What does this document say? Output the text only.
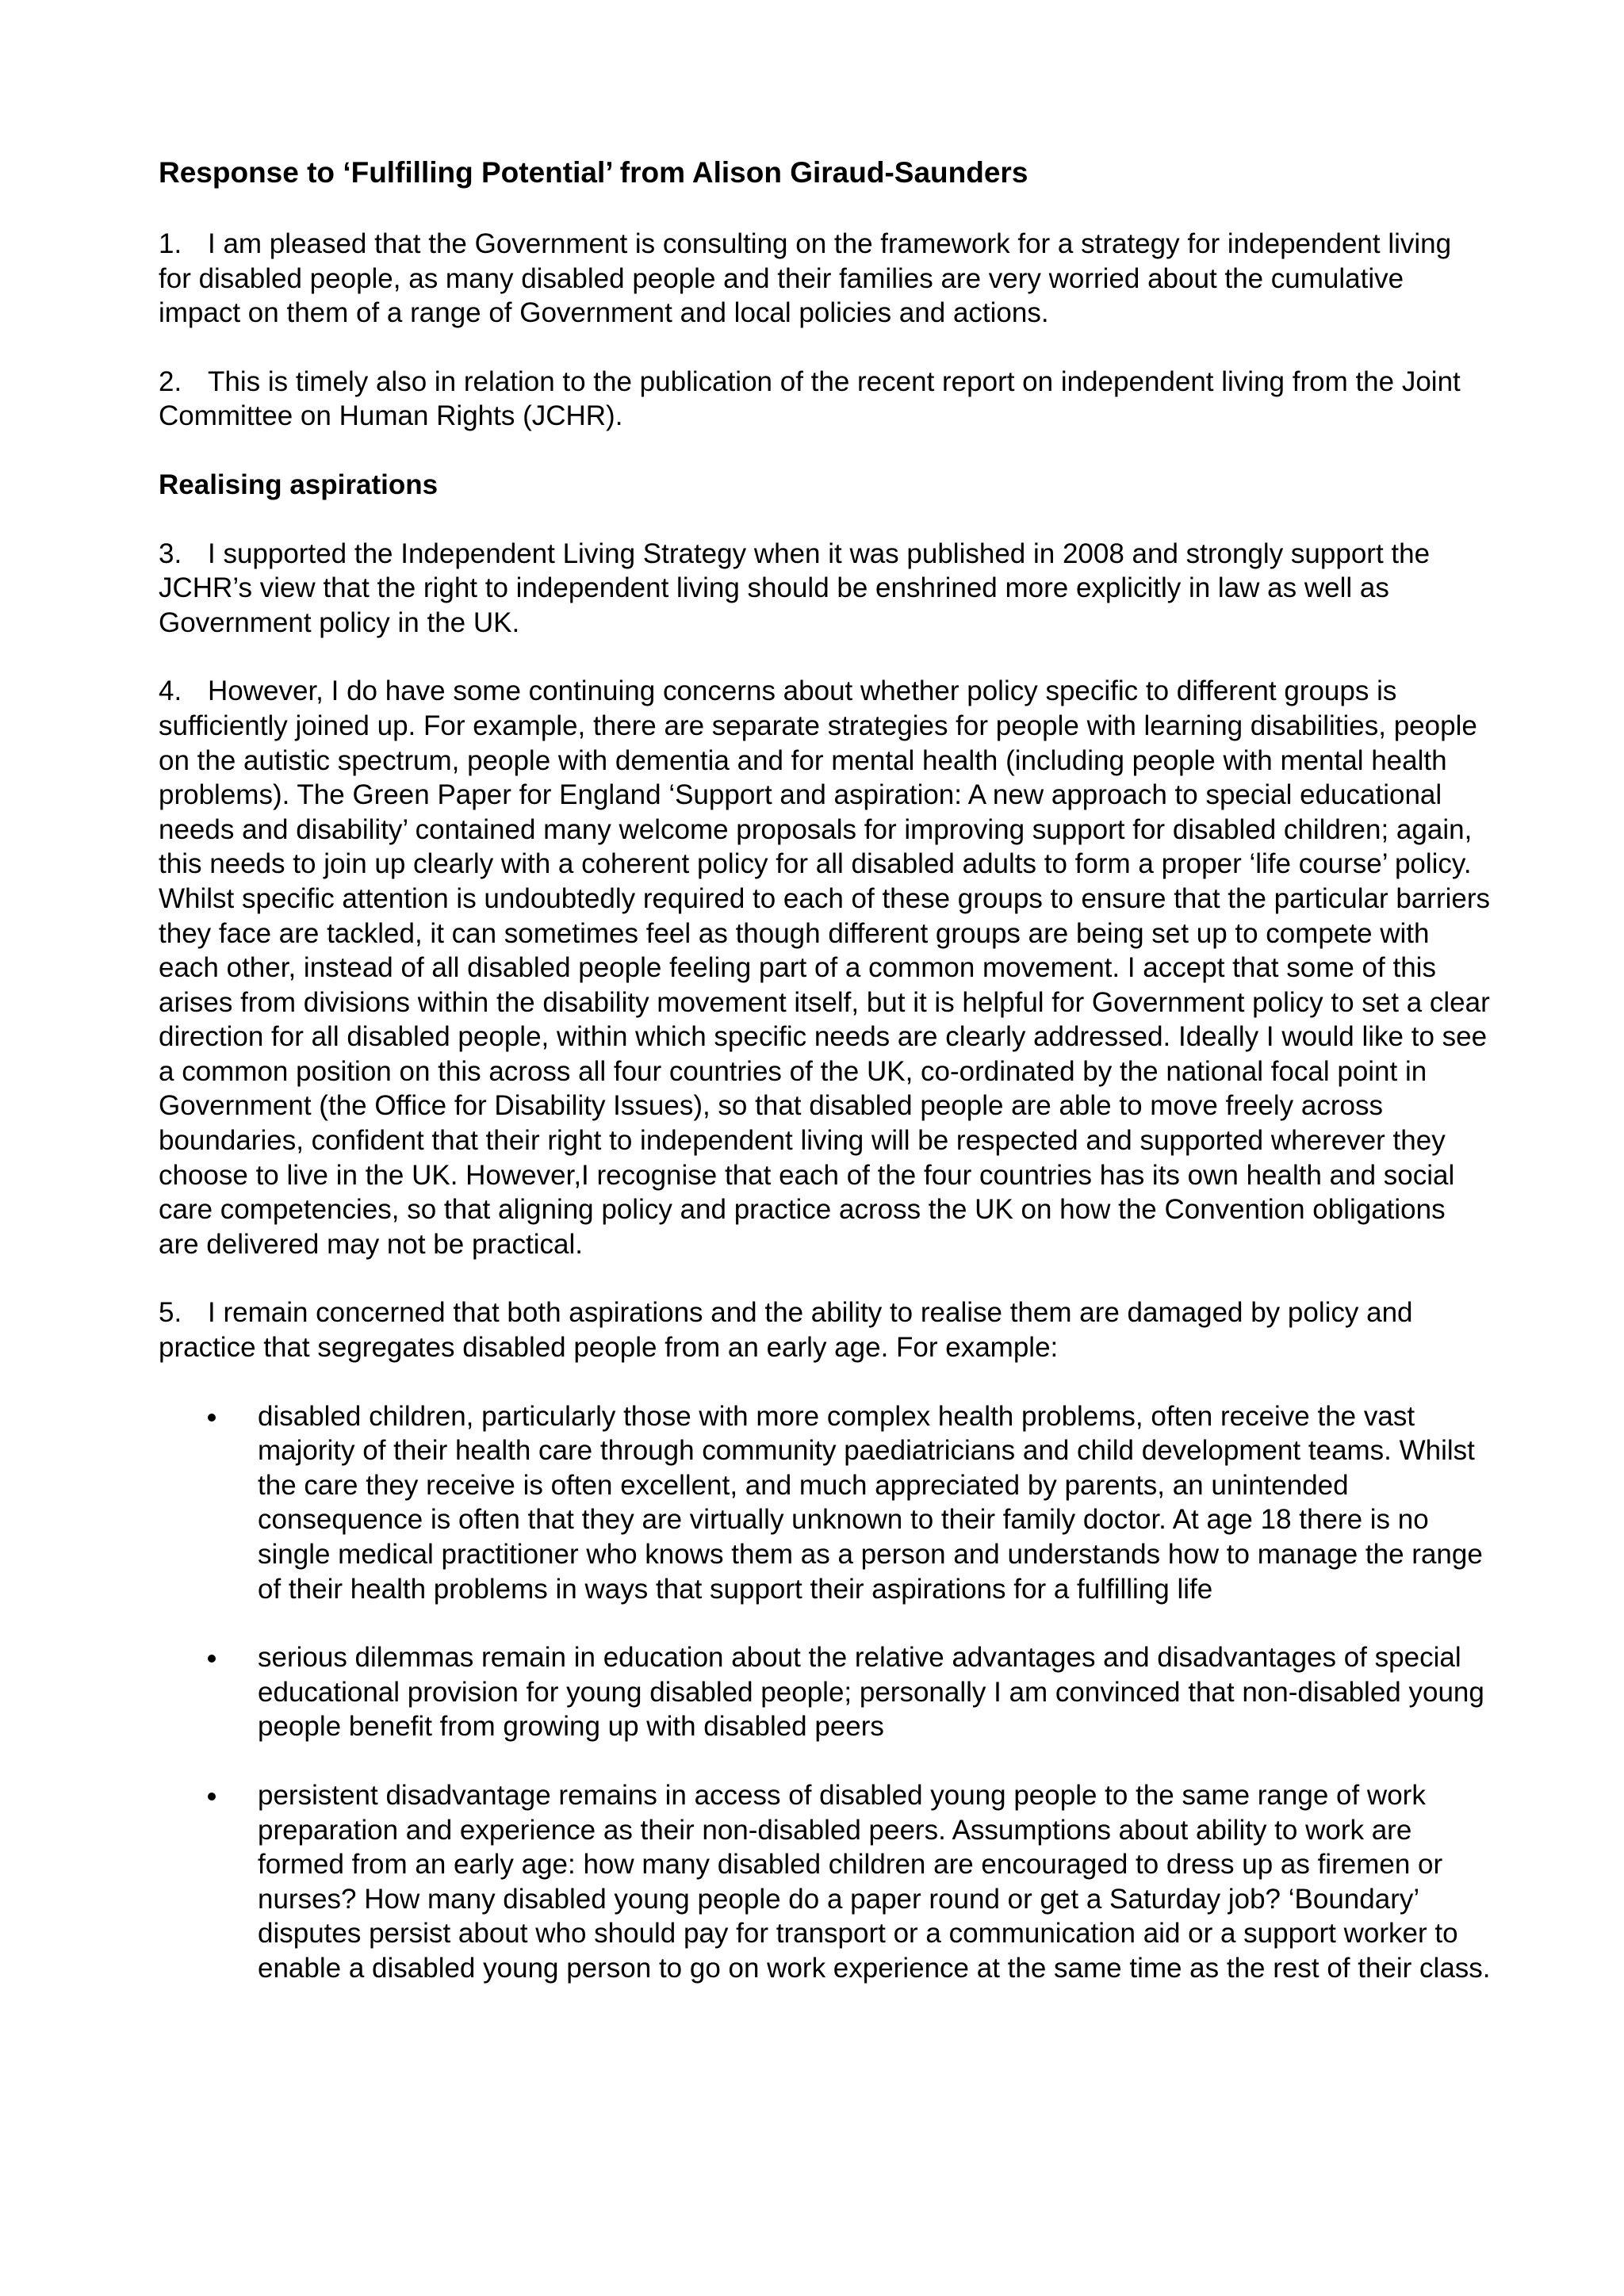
Response to ‘Fulfilling Potential’ from Alison Giraud-Saunders
1. I am pleased that the Government is consulting on the framework for a strategy for independent living for disabled people, as many disabled people and their families are very worried about the cumulative impact on them of a range of Government and local policies and actions.
2. This is timely also in relation to the publication of the recent report on independent living from the Joint Committee on Human Rights (JCHR).
Realising aspirations
3. I supported the Independent Living Strategy when it was published in 2008 and strongly support the JCHR’s view that the right to independent living should be enshrined more explicitly in law as well as Government policy in the UK.
4. However, I do have some continuing concerns about whether policy specific to different groups is sufficiently joined up. For example, there are separate strategies for people with learning disabilities, people on the autistic spectrum, people with dementia and for mental health (including people with mental health problems). The Green Paper for England ‘Support and aspiration: A new approach to special educational needs and disability’ contained many welcome proposals for improving support for disabled children; again, this needs to join up clearly with a coherent policy for all disabled adults to form a proper ‘life course’ policy. Whilst specific attention is undoubtedly required to each of these groups to ensure that the particular barriers they face are tackled, it can sometimes feel as though different groups are being set up to compete with each other, instead of all disabled people feeling part of a common movement. I accept that some of this arises from divisions within the disability movement itself, but it is helpful for Government policy to set a clear direction for all disabled people, within which specific needs are clearly addressed. Ideally I would like to see a common position on this across all four countries of the UK, co-ordinated by the national focal point in Government (the Office for Disability Issues), so that disabled people are able to move freely across boundaries, confident that their right to independent living will be respected and supported wherever they choose to live in the UK. However,I recognise that each of the four countries has its own health and social care competencies, so that aligning policy and practice across the UK on how the Convention obligations are delivered may not be practical.
5. I remain concerned that both aspirations and the ability to realise them are damaged by policy and practice that segregates disabled people from an early age. For example:
disabled children, particularly those with more complex health problems, often receive the vast majority of their health care through community paediatricians and child development teams. Whilst the care they receive is often excellent, and much appreciated by parents, an unintended consequence is often that they are virtually unknown to their family doctor. At age 18 there is no single medical practitioner who knows them as a person and understands how to manage the range of their health problems in ways that support their aspirations for a fulfilling life
serious dilemmas remain in education about the relative advantages and disadvantages of special educational provision for young disabled people; personally I am convinced that non-disabled young people benefit from growing up with disabled peers
persistent disadvantage remains in access of disabled young people to the same range of work preparation and experience as their non-disabled peers. Assumptions about ability to work are formed from an early age: how many disabled children are encouraged to dress up as firemen or nurses? How many disabled young people do a paper round or get a Saturday job? ‘Boundary’ disputes persist about who should pay for transport or a communication aid or a support worker to enable a disabled young person to go on work experience at the same time as the rest of their class.
